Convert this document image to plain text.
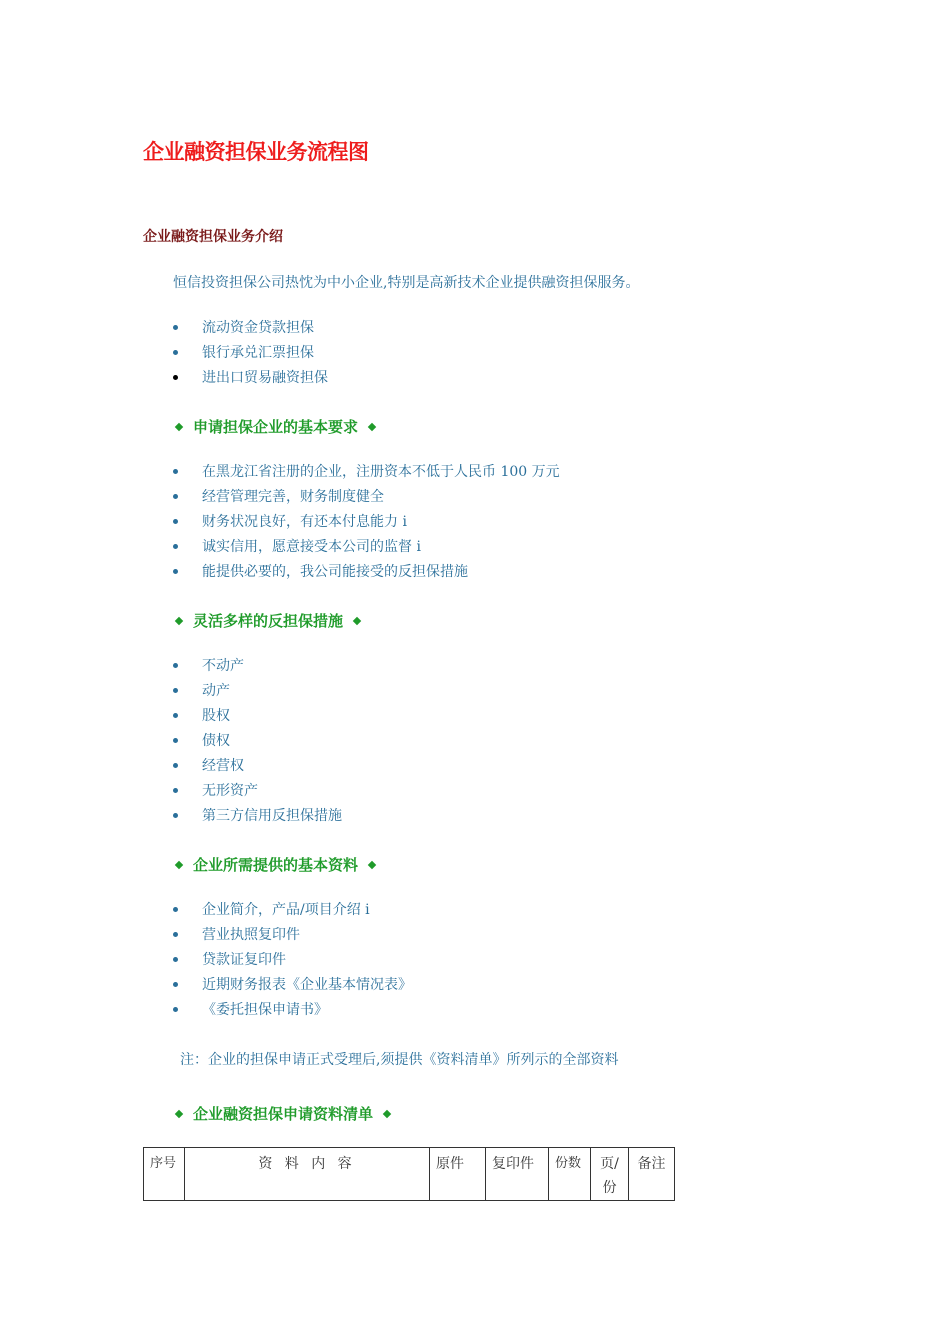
企业融资担保业务流程图
企业融资担保业务介绍
恒信投资担保公司热忱为中小企业,特别是高新技术企业提供融资担保服务。
流动资金贷款担保
银行承兑汇票担保
进出口贸易融资担保
申请担保企业的基本要求
在黑龙江省注册的企业，注册资本不低于人民币 100 万元
经营管理完善，财务制度健全
财务状况良好，有还本付息能力 i
诚实信用，愿意接受本公司的监督 i
能提供必要的，我公司能接受的反担保措施
灵活多样的反担保措施
不动产
动产
股权
债权
经营权
无形资产
第三方信用反担保措施
企业所需提供的基本资料
企业简介，产品/项目介绍 i
营业执照复印件
贷款证复印件
近期财务报表《企业基本情况表》
《委托担保申请书》
注：企业的担保申请正式受理后,须提供《资料清单》所列示的全部资料
企业融资担保申请资料清单
序号	资 料 内 容	原件	复印件	份数	页/份	备注
